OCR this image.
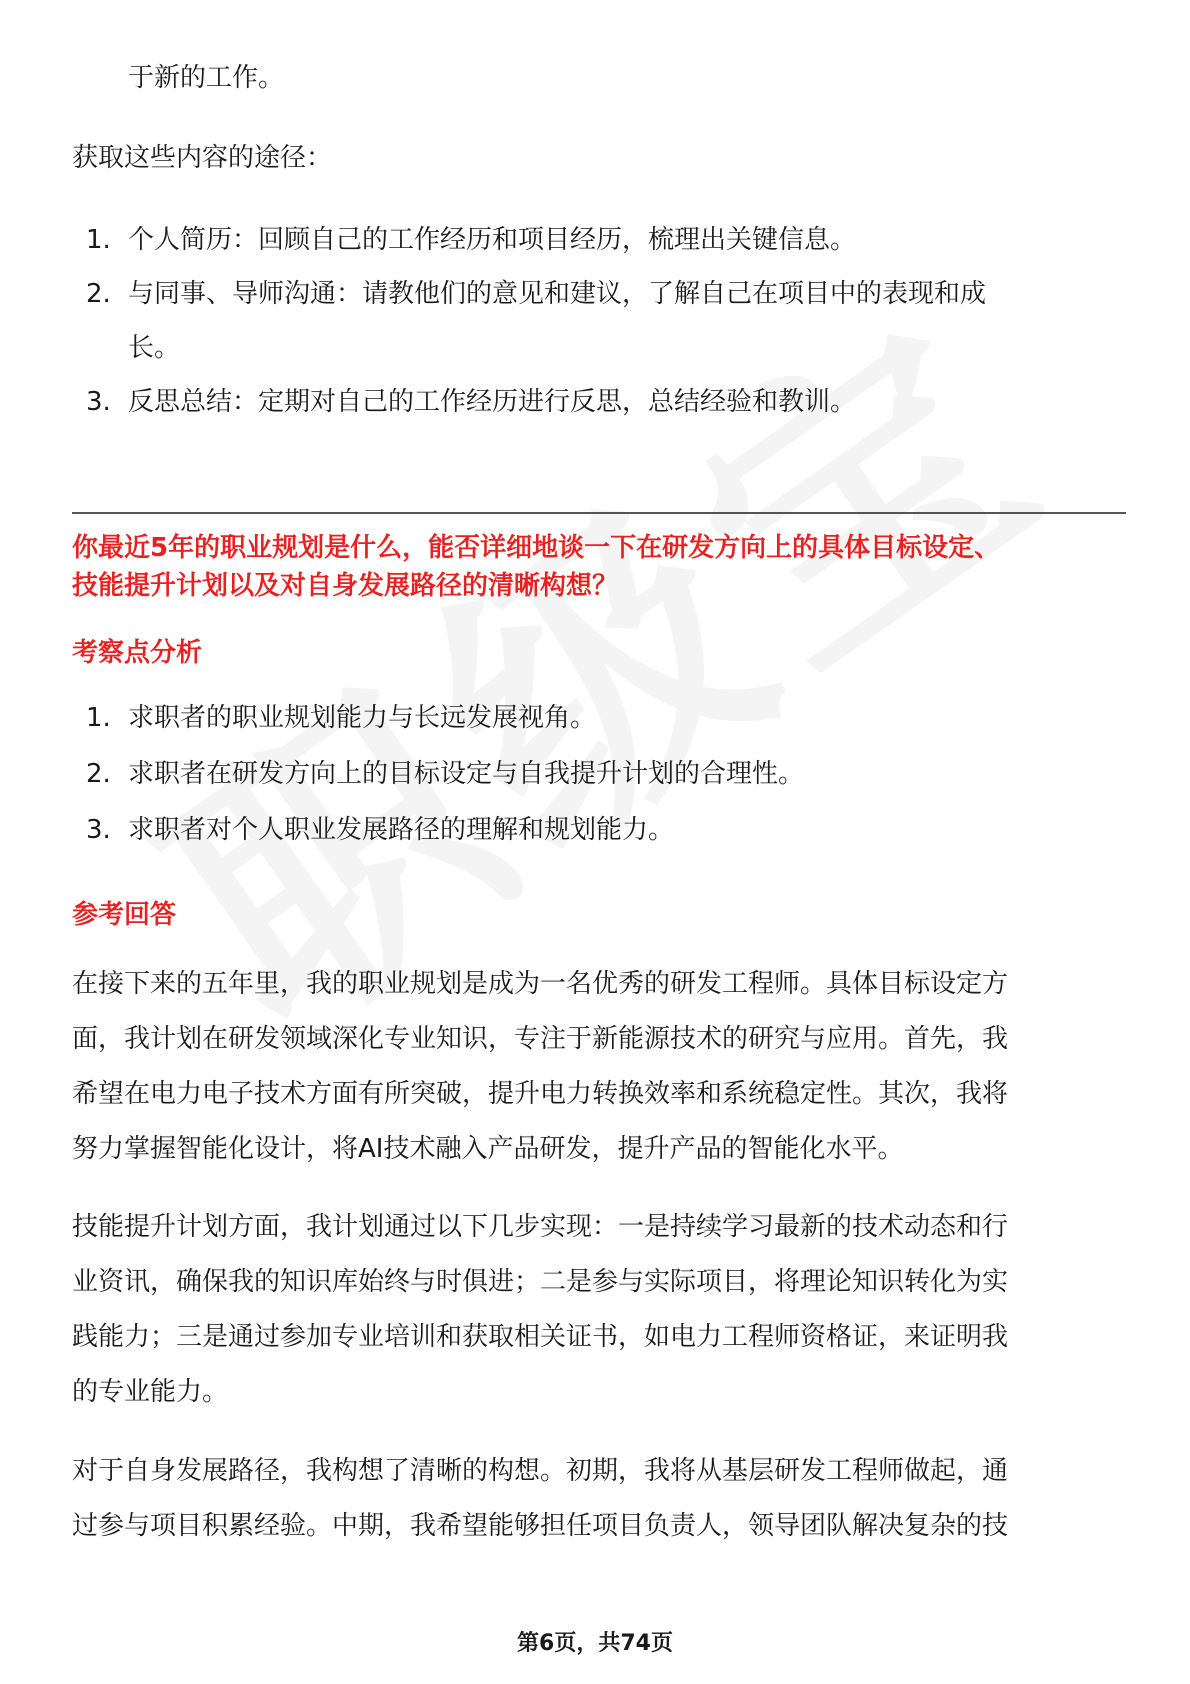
于新的工作。
获取这些内容的途径：
1. 个人简历：回顾自己的工作经历和项目经历，梳理出关键信息。
2. 与同事、导师沟通：请教他们的意见和建议，了解自己在项目中的表现和成
长。
3. 反思总结：定期对自己的工作经历进行反思，总结经验和教训。
你最近5年的职业规划是什么，能否详细地谈一下在研发方向上的具体目标设定、
技能提升计划以及对自身发展路径的清晰构想？
考察点分析
1. 求职者的职业规划能力与长远发展视角。
2. 求职者在研发方向上的目标设定与自我提升计划的合理性。
3. 求职者对个人职业发展路径的理解和规划能力。
参考回答
在接下来的五年里，我的职业规划是成为一名优秀的研发工程师。具体目标设定方
面，我计划在研发领域深化专业知识，专注于新能源技术的研究与应用。首先，我
希望在电力电子技术方面有所突破，提升电力转换效率和系统稳定性。其次，我将
努力掌握智能化设计，将AI技术融入产品研发，提升产品的智能化水平。
技能提升计划方面，我计划通过以下几步实现：一是持续学习最新的技术动态和行
业资讯，确保我的知识库始终与时俱进；二是参与实际项目，将理论知识转化为实
践能力；三是通过参加专业培训和获取相关证书，如电力工程师资格证，来证明我
的专业能力。
对于自身发展路径，我构想了清晰的构想。初期，我将从基层研发工程师做起，通
过参与项目积累经验。中期，我希望能够担任项目负责人，领导团队解决复杂的技
第6页，共74页
